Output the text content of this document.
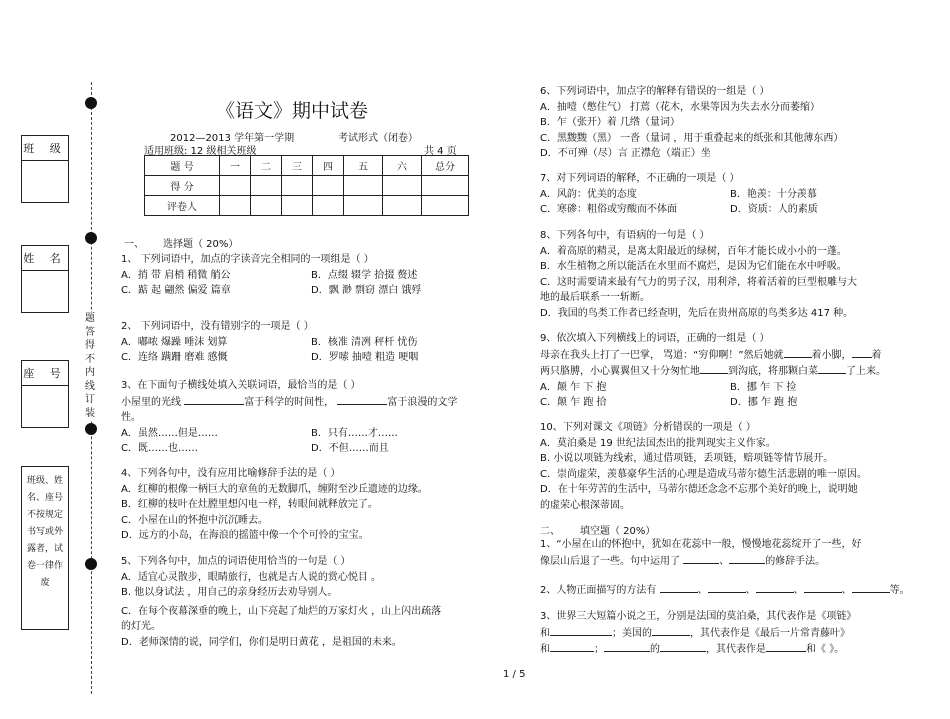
班 级
姓 名
座 号
班级、姓名、座号不按规定书写或外露者，试卷一律作废
题
答
得
不
内
线
订
装
《语文》期中试卷
2012—2013 学年第一学期	考试形式（闭卷）
适用班级: 12 级相关班级	共 4 页
题 号	一	二	三	四	五	六	总分
得 分							
评卷人							
一、 选择题（ 20%）
1、 下列词语中，加点的字读音完全相同的一项组是（ ）
A．捎 带 肩梢 稍微 艄公	B．点缀 辍学 拾掇 赘述
C．踮 起 翩然 偏爱 篇章	D．飘 渺 剽窃 漂白 饿殍
2、 下列词语中，没有错别字的一项是（ ）
A．嘟哝 爆躁 唾沫 划算	B．核准 清冽 秤杆 忧伤
C．连络 蹒跚 磨难 感慨	D．罗嗦 抽噎 粗造 哽咽
3、在下面句子横线处填入关联词语，最恰当的是（ ）
小屋里的光线	富于科学的时间性，	富于浪漫的文学
性。
A．虽然……但是……	B．只有……才……
C．既……也……	D．不但……而且
4、下列各句中，没有应用比喻修辞手法的是（ ）
A．红柳的根像一柄巨大的章鱼的无数脚爪，缠附至沙丘遗迹的边缘。
B．红柳的枝叶在灶膛里想闪电一样，转眼间就释放完了。
C．小屋在山的怀抱中沉沉睡去。
D．远方的小岛，在海浪的摇篮中像一个个可怜的宝宝。
5、下列各句中，加点的词语使用恰当的一句是（ ）
A．适宜心灵散步，眼睛旅行，也就是古人说的赏心悦目 。
B. 他以身试法 ，用自己的亲身经历去劝导别人。
C．在每个夜幕深垂的晚上，山下亮起了灿烂的万家灯火 ，山上闪出疏落
的灯光。
D．老师深情的说，同学们，你们是明日黄花 ，是祖国的未来。
6、下列词语中，加点字的解释有错误的一组是（ ）
A．抽噎（憋住气） 打蔫（花木，水果等因为失去水分而萎缩）
B．乍（张开）着 几绺（量词）
C．黑黢黢（黑） 一沓（量词 ，用于重叠起来的纸张和其他薄东西）
D．不可殚（尽）言 正襟危（端正）坐
7、对下列词语的解释，不正确的一项是（ ）
A．风韵：优美的态度	B．艳羡：十分羡慕
C．寒碜：粗俗或穷酸而不体面	D．资质：人的素质
8、下列各句中，有语病的一句是（ ）
A．着高原的精灵，是离太阳最近的绿树，百年才能长成小小的一蓬。
B．水生植物之所以能活在水里而不腐烂，是因为它们能在水中呼吸。
C．这时需要请来最有气力的男子汉，用利斧，将着活着的巨型根雕与大
地的最后联系一一斩断。
D．我国的鸟类工作者已经查明，先后在贵州高原的鸟类多达 417 种。
9、依次填入下列横线上的词语，正确的一组是（ ）
母亲在我头上打了一巴掌， 骂道：“穷仰啊！”然后她就	着小脚， 着
两只胳膊，小心翼翼但又十分匆忙地	到沟底，将那颗白菜	了上来。
A．颠 乍 下 抱	B．挪 乍 下 捡
C．颠 乍 跑 拾	D．挪 乍 跑 抱
10、下列对课文《项链》分析错误的一项是（ ）
A．莫泊桑是 19 世纪法国杰出的批判现实主义作家。
B. 小说以项链为线索，通过借项链，丢项链，赔项链等情节展开。
C．崇尚虚荣，羡慕豪华生活的心理是造成马蒂尔德生活悲剧的唯一原因。
D．在十年劳苦的生活中，马蒂尔德还念念不忘那个美好的晚上，说明她
的虚荣心根深蒂固。
二、 填空题（ 20%）
1、“小屋在山的怀抱中，犹如在花蕊中一般，慢慢地花蕊绽开了一些，好
像层山后退了一些。句中运用了	、	的修辞手法。
2、人物正面描写的方法有	、	、	、	、	等。
3、世界三大短篇小说之王，分别是法国的莫泊桑，其代表作是《项链》
和	；美国的	，其代表作是《最后一片常青藤叶》
和	；	的	，其代表作是	和《 》。
1 / 5
